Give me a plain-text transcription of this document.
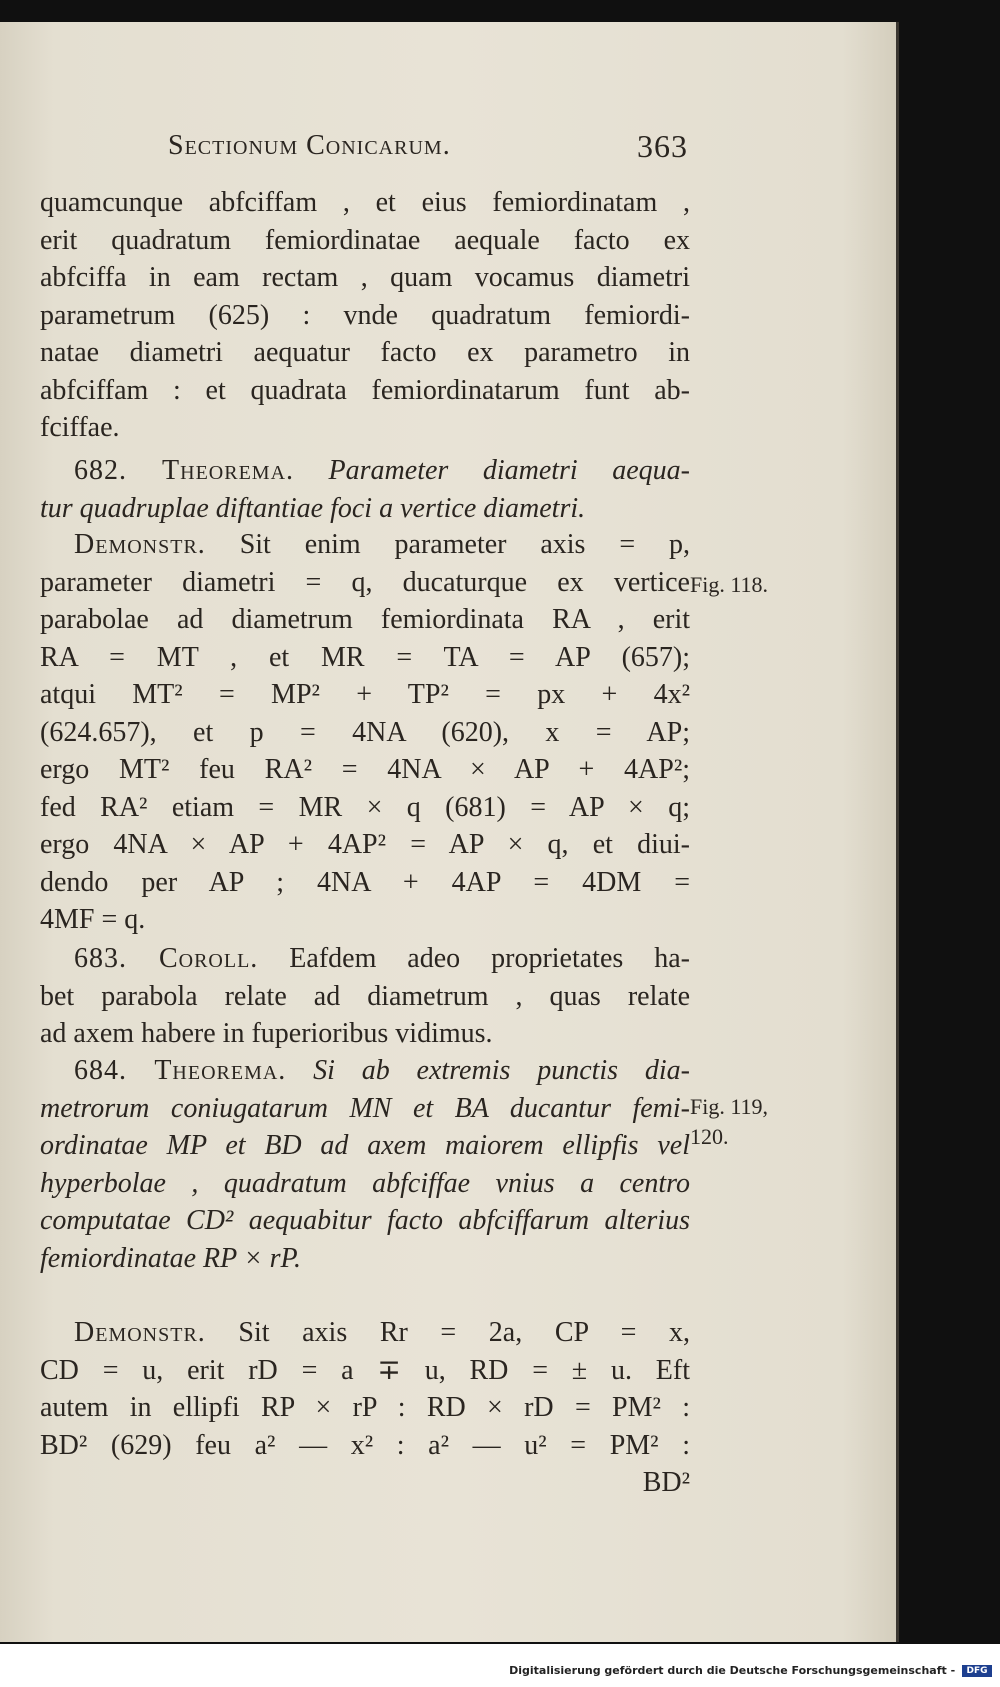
Sectionum Conicarum.	363
quamcunque abfciffam , et eius femiordinatam ,
erit quadratum femiordinatae aequale facto ex
abfciffa in eam rectam , quam vocamus diametri
parametrum (625) : vnde quadratum femiordi-
natae diametri aequatur facto ex parametro in
abfciffam : et quadrata femiordinatarum funt ab-
fciffae.
682. Theorema. Parameter diametri aequa-
tur quadruplae diftantiae foci a vertice diametri.
Demonstr. Sit enim parameter axis = p,
parameter diametri = q, ducaturque ex vertice
parabolae ad diametrum femiordinata RA , erit
RA = MT , et MR = TA = AP (657);
atqui MT² = MP² + TP² = px + 4x²
(624.657), et p = 4NA (620), x = AP;
ergo MT² feu RA² = 4NA × AP + 4AP²;
fed RA² etiam = MR × q (681) = AP × q;
ergo 4NA × AP + 4AP² = AP × q, et diui-
dendo per AP ; 4NA + 4AP = 4DM =
4MF = q.
683. Coroll. Eafdem adeo proprietates ha-
bet parabola relate ad diametrum , quas relate
ad axem habere in fuperioribus vidimus.
684. Theorema. Si ab extremis punctis dia-
metrorum coniugatarum MN et BA ducantur femi-
ordinatae MP et BD ad axem maiorem ellipfis vel
hyperbolae , quadratum abfciffae vnius a centro
computatae CD² aequabitur facto abfciffarum alterius
femiordinatae RP × rP.
Demonstr. Sit axis Rr = 2a, CP = x,
CD = u, erit rD = a ∓ u, RD = ± u. Eft
autem in ellipfi RP × rP : RD × rD = PM² :
BD² (629) feu a² — x² : a² — u² = PM² :
BD²
Fig. 118.
Fig. 119,
120.
Digitalisierung gefördert durch die Deutsche Forschungsgemeinschaft - DFG
